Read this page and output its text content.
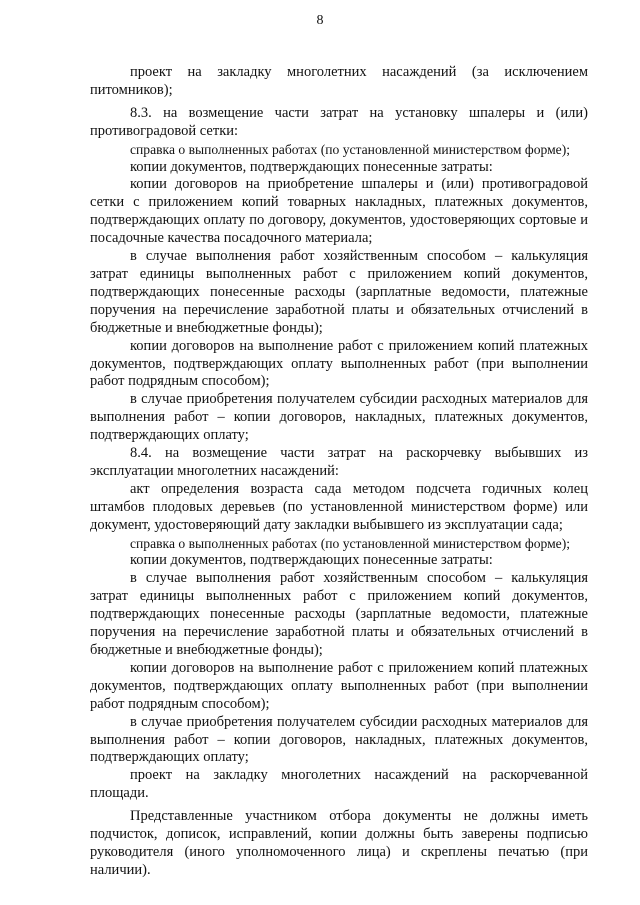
8

проект на закладку многолетних насаждений (за исключением питомников);

8.3. на возмещение части затрат на установку шпалеры и (или) противоградовой сетки:

справка о выполненных работах (по установленной министерством форме);

копии документов, подтверждающих понесенные затраты:

копии договоров на приобретение шпалеры и (или) противоградовой сетки с приложением копий товарных накладных, платежных документов, подтверждающих оплату по договору, документов, удостоверяющих сортовые и посадочные качества посадочного материала;

в случае выполнения работ хозяйственным способом – калькуляция затрат единицы выполненных работ с приложением копий документов, подтверждающих понесенные расходы (зарплатные ведомости, платежные поручения на перечисление заработной платы и обязательных отчислений в бюджетные и внебюджетные фонды);

копии договоров на выполнение работ с приложением копий платежных документов, подтверждающих оплату выполненных работ (при выполнении работ подрядным способом);

в случае приобретения получателем субсидии расходных материалов для выполнения работ – копии договоров, накладных, платежных документов, подтверждающих оплату;

8.4. на возмещение части затрат на раскорчевку выбывших из эксплуатации многолетних насаждений:

акт определения возраста сада методом подсчета годичных колец штамбов плодовых деревьев (по установленной министерством форме) или документ, удостоверяющий дату закладки выбывшего из эксплуатации сада;

справка о выполненных работах (по установленной министерством форме);

копии документов, подтверждающих понесенные затраты:

в случае выполнения работ хозяйственным способом – калькуляция затрат единицы выполненных работ с приложением копий документов, подтверждающих понесенные расходы (зарплатные ведомости, платежные поручения на перечисление заработной платы и обязательных отчислений в бюджетные и внебюджетные фонды);

копии договоров на выполнение работ с приложением копий платежных документов, подтверждающих оплату выполненных работ (при выполнении работ подрядным способом);

в случае приобретения получателем субсидии расходных материалов для выполнения работ – копии договоров, накладных, платежных документов, подтверждающих оплату;

проект на закладку многолетних насаждений на раскорчеванной площади.

Представленные участником отбора документы не должны иметь подчисток, дописок, исправлений, копии должны быть заверены подписью руководителя (иного уполномоченного лица) и скреплены печатью (при наличии).
